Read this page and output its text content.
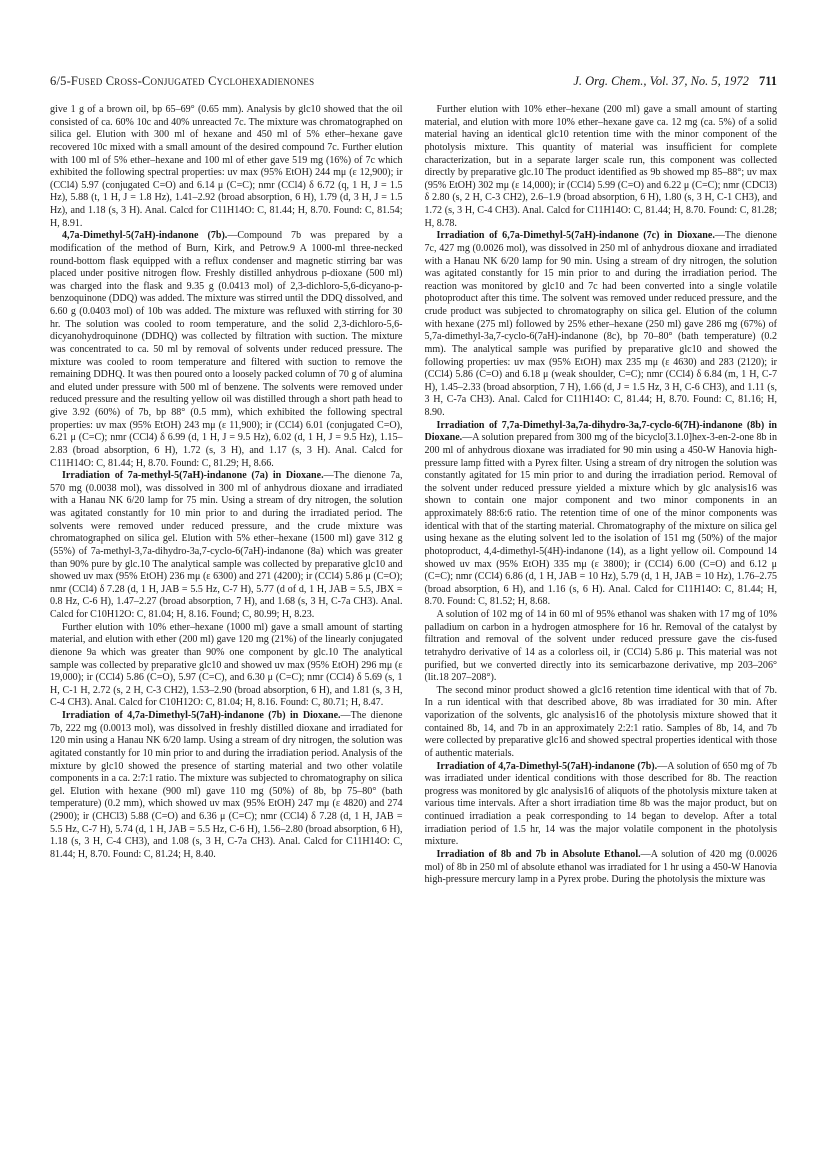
6/5-Fused Cross-Conjugated Cyclohexadienones	J. Org. Chem., Vol. 37, No. 5, 1972 711

give 1 g of a brown oil, bp 65–69° (0.65 mm). Analysis by glc10 showed that the oil consisted of ca. 60% 10c and 40% unreacted 7c. The mixture was chromatographed on silica gel. Elution with 300 ml of hexane and 450 ml of 5% ether–hexane gave recovered 10c mixed with a small amount of the desired compound 7c. Further elution with 100 ml of 5% ether–hexane and 100 ml of ether gave 519 mg (16%) of 7c which exhibited the following spectral properties: uv max (95% EtOH) 244 mμ (ε 12,900); ir (CCl4) 5.97 (conjugated C=O) and 6.14 μ (C=C); nmr (CCl4) δ 6.72 (q, 1 H, J = 1.5 Hz), 5.88 (t, 1 H, J = 1.8 Hz), 1.41–2.92 (broad absorption, 6 H), 1.79 (d, 3 H, J = 1.5 Hz), and 1.18 (s, 3 H). Anal. Calcd for C11H14O: C, 81.44; H, 8.70. Found: C, 81.54; H, 8.91.

4,7a-Dimethyl-5(7aH)-indanone (7b).—Compound 7b was prepared by a modification of the method of Burn, Kirk, and Petrow.9 A 1000-ml three-necked round-bottom flask equipped with a reflux condenser and magnetic stirring bar was placed under positive nitrogen flow. Freshly distilled anhydrous p-dioxane (500 ml) was charged into the flask and 9.35 g (0.0413 mol) of 2,3-dichloro-5,6-dicyano-p-benzoquinone (DDQ) was added. The mixture was stirred until the DDQ dissolved, and 6.60 g (0.0403 mol) of 10b was added. The mixture was refluxed with stirring for 30 hr. The solution was cooled to room temperature, and the solid 2,3-dichloro-5,6-dicyanohydroquinone (DDHQ) was collected by filtration with suction. The mixture was concentrated to ca. 50 ml by removal of solvents under reduced pressure. The mixture was cooled to room temperature and filtered with suction to remove the remaining DDHQ. It was then poured onto a loosely packed column of 70 g of alumina and eluted under pressure with 500 ml of benzene. The solvents were removed under reduced pressure and the resulting yellow oil was distilled through a short path head to give 3.92 (60%) of 7b, bp 88° (0.5 mm), which exhibited the following spectral properties: uv max (95% EtOH) 243 mμ (ε 11,900); ir (CCl4) 6.01 (conjugated C=O), 6.21 μ (C=C); nmr (CCl4) δ 6.99 (d, 1 H, J = 9.5 Hz), 6.02 (d, 1 H, J = 9.5 Hz), 1.15–2.83 (broad absorption, 6 H), 1.72 (s, 3 H), and 1.17 (s, 3 H). Anal. Calcd for C11H14O: C, 81.44; H, 8.70. Found: C, 81.29; H, 8.66.

Irradiation of 7a-methyl-5(7aH)-indanone (7a) in Dioxane.—The dienone 7a, 570 mg (0.0038 mol), was dissolved in 300 ml of anhydrous dioxane and irradiated with a Hanau NK 6/20 lamp for 75 min. Using a stream of dry nitrogen, the solution was agitated constantly for 10 min prior to and during the irradiated period. The solvents were removed under reduced pressure, and the crude mixture was chromatographed on silica gel. Elution with 5% ether–hexane (1500 ml) gave 312 g (55%) of 7a-methyl-3,7a-dihydro-3a,7-cyclo-6(7aH)-indanone (8a) which was greater than 90% pure by glc.10 The analytical sample was collected by preparative glc10 and showed uv max (95% EtOH) 236 mμ (ε 6300) and 271 (4200); ir (CCl4) 5.86 μ (C=O); nmr (CCl4) δ 7.28 (d, 1 H, JAB = 5.5 Hz, C-7 H), 5.77 (d of d, 1 H, JAB = 5.5, JBX = 0.8 Hz, C-6 H), 1.47–2.27 (broad absorption, 7 H), and 1.68 (s, 3 H, C-7a CH3). Anal. Calcd for C10H12O: C, 81.04; H, 8.16. Found; C, 80.99; H, 8.23.

Further elution with 10% ether–hexane (1000 ml) gave a small amount of starting material, and elution with ether (200 ml) gave 120 mg (21%) of the linearly conjugated dienone 9a which was greater than 90% one component by glc.10 The analytical sample was collected by preparative glc10 and showed uv max (95% EtOH) 296 mμ (ε 19,000); ir (CCl4) 5.86 (C=O), 5.97 (C=C), and 6.30 μ (C=C); nmr (CCl4) δ 5.69 (s, 1 H, C-1 H, 2.72 (s, 2 H, C-3 CH2), 1.53–2.90 (broad absorption, 6 H), and 1.81 (s, 3 H, C-4 CH3). Anal. Calcd for C10H12O: C, 81.04; H, 8.16. Found: C, 80.71; H, 8.47.

Irradiation of 4,7a-Dimethyl-5(7aH)-indanone (7b) in Dioxane.—The dienone 7b, 222 mg (0.0013 mol), was dissolved in freshly distilled dioxane and irradiated for 120 min using a Hanau NK 6/20 lamp. Using a stream of dry nitrogen, the solution was agitated constantly for 10 min prior to and during the irradiation period. Analysis of the mixture by glc10 showed the presence of starting material and two other volatile components in a ca. 2:7:1 ratio. The mixture was subjected to chromatography on silica gel. Elution with hexane (900 ml) gave 110 mg (50%) of 8b, bp 75–80° (bath temperature) (0.2 mm), which showed uv max (95% EtOH) 247 mμ (ε 4820) and 274 (2900); ir (CHCl3) 5.88 (C=O) and 6.36 μ (C=C); nmr (CCl4) δ 7.28 (d, 1 H, JAB = 5.5 Hz, C-7 H), 5.74 (d, 1 H, JAB = 5.5 Hz, C-6 H), 1.56–2.80 (broad absorption, 6 H), 1.18 (s, 3 H, C-4 CH3), and 1.08 (s, 3 H, C-7a CH3). Anal. Calcd for C11H14O: C, 81.44; H, 8.70. Found: C, 81.24; H, 8.40.

Further elution with 10% ether–hexane (200 ml) gave a small amount of starting material, and elution with more 10% ether–hexane gave ca. 12 mg (ca. 5%) of a solid material having an identical glc10 retention time with the minor component of the photolysis mixture. This quantity of material was insufficient for complete characterization, but in a separate larger scale run, this component was collected directly by preparative glc.10 The product identified as 9b showed mp 85–88°; uv max (95% EtOH) 302 mμ (ε 14,000); ir (CCl4) 5.99 (C=O) and 6.22 μ (C=C); nmr (CDCl3) δ 2.80 (s, 2 H, C-3 CH2), 2.6–1.9 (broad absorption, 6 H), 1.80 (s, 3 H, C-1 CH3), and 1.72 (s, 3 H, C-4 CH3). Anal. Calcd for C11H14O: C, 81.44; H, 8.70. Found: C, 81.28; H, 8.78.

Irradiation of 6,7a-Dimethyl-5(7aH)-indanone (7c) in Dioxane.—The dienone 7c, 427 mg (0.0026 mol), was dissolved in 250 ml of anhydrous dioxane and irradiated with a Hanau NK 6/20 lamp for 90 min. Using a stream of dry nitrogen, the solution was agitated constantly for 15 min prior to and during the irradiation period. The reaction was monitored by glc10 and 7c had been converted into a single volatile photoproduct after this time. The solvent was removed under reduced pressure, and the crude product was subjected to chromatography on silica gel. Elution of the column with hexane (275 ml) followed by 25% ether–hexane (250 ml) gave 286 mg (67%) of 5,7a-dimethyl-3a,7-cyclo-6(7aH)-indanone (8c), bp 70–80° (bath temperature) (0.2 mm). The analytical sample was purified by preparative glc10 and showed the following properties: uv max (95% EtOH) max 235 mμ (ε 4630) and 283 (2120); ir (CCl4) 5.86 (C=O) and 6.18 μ (weak shoulder, C=C); nmr (CCl4) δ 6.84 (m, 1 H, C-7 H), 1.45–2.33 (broad absorption, 7 H), 1.66 (d, J = 1.5 Hz, 3 H, C-6 CH3), and 1.11 (s, 3 H, C-7a CH3). Anal. Calcd for C11H14O: C, 81.44; H, 8.70. Found: C, 81.16; H, 8.90.

Irradiation of 7,7a-Dimethyl-3a,7a-dihydro-3a,7-cyclo-6(7H)-indanone (8b) in Dioxane.—A solution prepared from 300 mg of the bicyclo[3.1.0]hex-3-en-2-one 8b in 200 ml of anhydrous dioxane was irradiated for 90 min using a 450-W Hanovia high-pressure lamp fitted with a Pyrex filter. Using a stream of dry nitrogen the solution was constantly agitated for 15 min prior to and during the irradiation period. Removal of the solvent under reduced pressure yielded a mixture which by glc analysis16 was shown to contain one major component and two minor components in an approximately 88:6:6 ratio. The retention time of one of the minor components was identical with that of the starting material. Chromatography of the mixture on silica gel using hexane as the eluting solvent led to the isolation of 151 mg (50%) of the major photoproduct, 4,4-dimethyl-5(4H)-indanone (14), as a light yellow oil. Compound 14 showed uv max (95% EtOH) 335 mμ (ε 3800); ir (CCl4) 6.00 (C=O) and 6.12 μ (C=C); nmr (CCl4) 6.86 (d, 1 H, JAB = 10 Hz), 5.79 (d, 1 H, JAB = 10 Hz), 1.76–2.75 (broad absorption, 6 H), and 1.16 (s, 6 H). Anal. Calcd for C11H14O: C, 81.44; H, 8.70. Found: C, 81.52; H, 8.68.

A solution of 102 mg of 14 in 60 ml of 95% ethanol was shaken with 17 mg of 10% palladium on carbon in a hydrogen atmosphere for 16 hr. Removal of the catalyst by filtration and removal of the solvent under reduced pressure gave the cis-fused tetrahydro derivative of 14 as a colorless oil, ir (CCl4) 5.86 μ. This material was not purified, but we converted directly into its semicarbazone derivative, mp 203–206° (lit.18 207–208°).

The second minor product showed a glc16 retention time identical with that of 7b. In a run identical with that described above, 8b was irradiated for 30 min. After vaporization of the solvents, glc analysis16 of the photolysis mixture showed that it contained 8b, 14, and 7b in an approximately 2:2:1 ratio. Samples of 8b, 14, and 7b were collected by preparative glc16 and showed spectral properties identical with those of authentic materials.

Irradiation of 4,7a-Dimethyl-5(7aH)-indanone (7b).—A solution of 650 mg of 7b was irradiated under identical conditions with those described for 8b. The reaction progress was monitored by glc analysis16 of aliquots of the photolysis mixture taken at various time intervals. After a short irradiation time 8b was the major product, but on continued irradiation a peak corresponding to 14 began to develop. After a total irradiation period of 1.5 hr, 14 was the major volatile component in the photolysis mixture.

Irradiation of 8b and 7b in Absolute Ethanol.—A solution of 420 mg (0.0026 mol) of 8b in 250 ml of absolute ethanol was irradiated for 1 hr using a 450-W Hanovia high-pressure mercury lamp in a Pyrex probe. During the photolysis the mixture was
